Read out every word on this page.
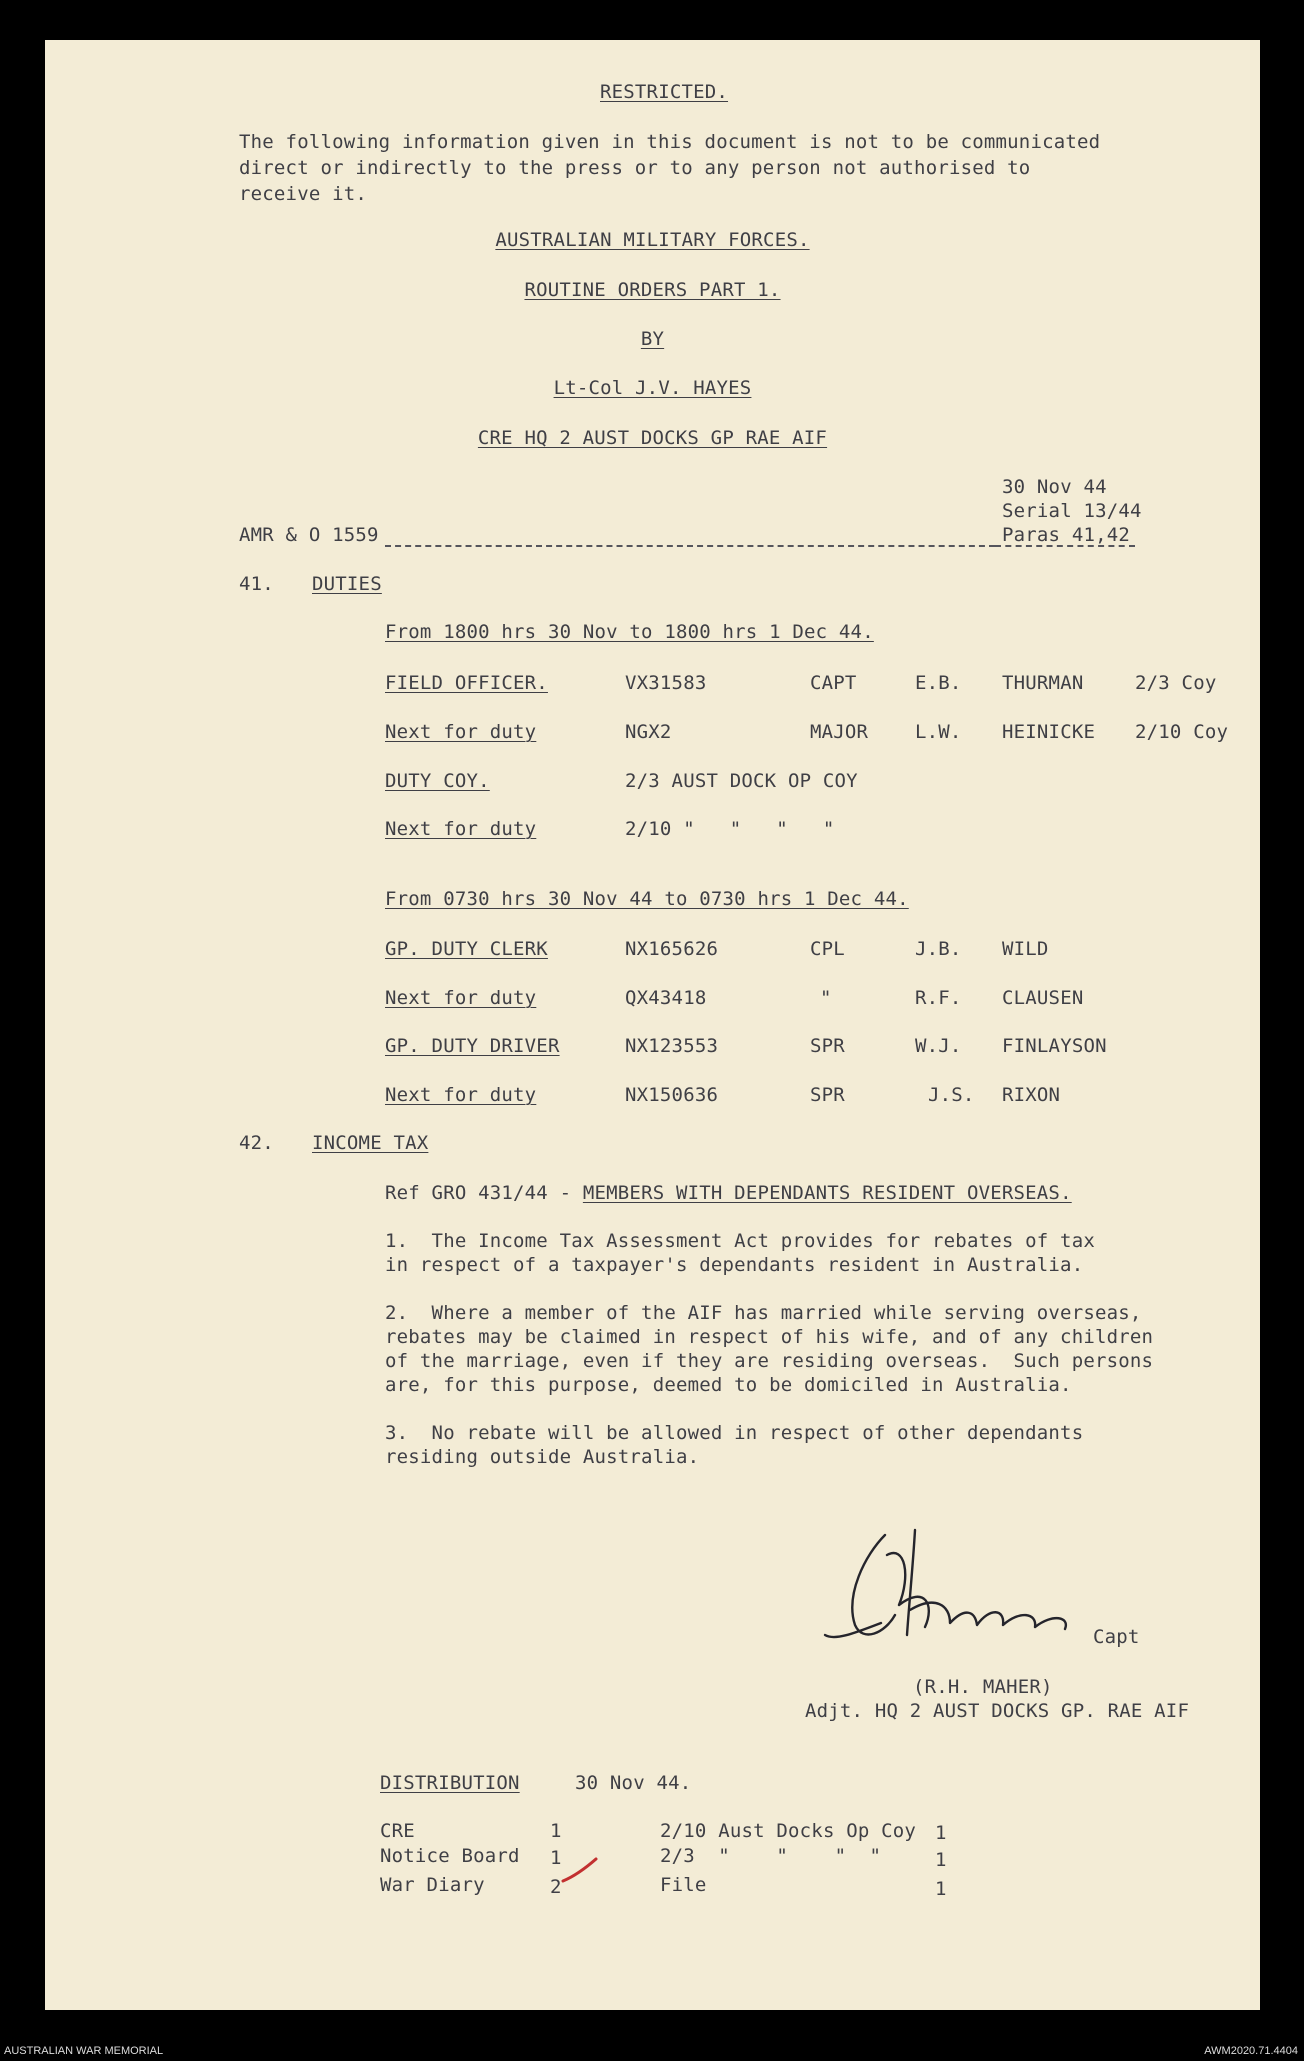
RESTRICTED.
The following information given in this document is not to be communicated
direct or indirectly to the press or to any person not authorised to
receive it.
AUSTRALIAN MILITARY FORCES.
ROUTINE ORDERS PART 1.
BY
Lt-Col J.V. HAYES
CRE HQ 2 AUST DOCKS GP RAE AIF
30 Nov 44
Serial 13/44
AMR & O 1559	Paras 41,42
41. DUTIES
From 1800 hrs 30 Nov to 1800 hrs 1 Dec 44.
FIELD OFFICER.	VX31583	CAPT	E.B. THURMAN	2/3 Coy
Next for duty	NGX2	MAJOR L.W. HEINICKE 2/10 Coy
DUTY COY.	2/3 AUST DOCK OP COY
Next for duty	2/10 "   "   "   "
From 0730 hrs 30 Nov 44 to 0730 hrs 1 Dec 44.
GP. DUTY CLERK	NX165626	CPL	J.B. WILD
Next for duty	QX43418	"	R.F. CLAUSEN
GP. DUTY DRIVER	NX123553	SPR	W.J. FINLAYSON
Next for duty	NX150636	SPR	J.S. RIXON
42. INCOME TAX
Ref GRO 431/44 - MEMBERS WITH DEPENDANTS RESIDENT OVERSEAS.
1.  The Income Tax Assessment Act provides for rebates of tax
in respect of a taxpayer's dependants resident in Australia.
2.  Where a member of the AIF has married while serving overseas,
rebates may be claimed in respect of his wife, and of any children
of the marriage, even if they are residing overseas.  Such persons
are, for this purpose, deemed to be domiciled in Australia.
3.  No rebate will be allowed in respect of other dependants
residing outside Australia.
Capt
(R.H. MAHER)
Adjt. HQ 2 AUST DOCKS GP. RAE AIF
DISTRIBUTION	30 Nov 44.
CRE	1
Notice Board 1
War Diary	2
2/10 Aust Docks Op Coy 1
2/3  "    "    "  "	1
File	1
AUSTRALIAN WAR MEMORIAL	AWM2020.71.4404
